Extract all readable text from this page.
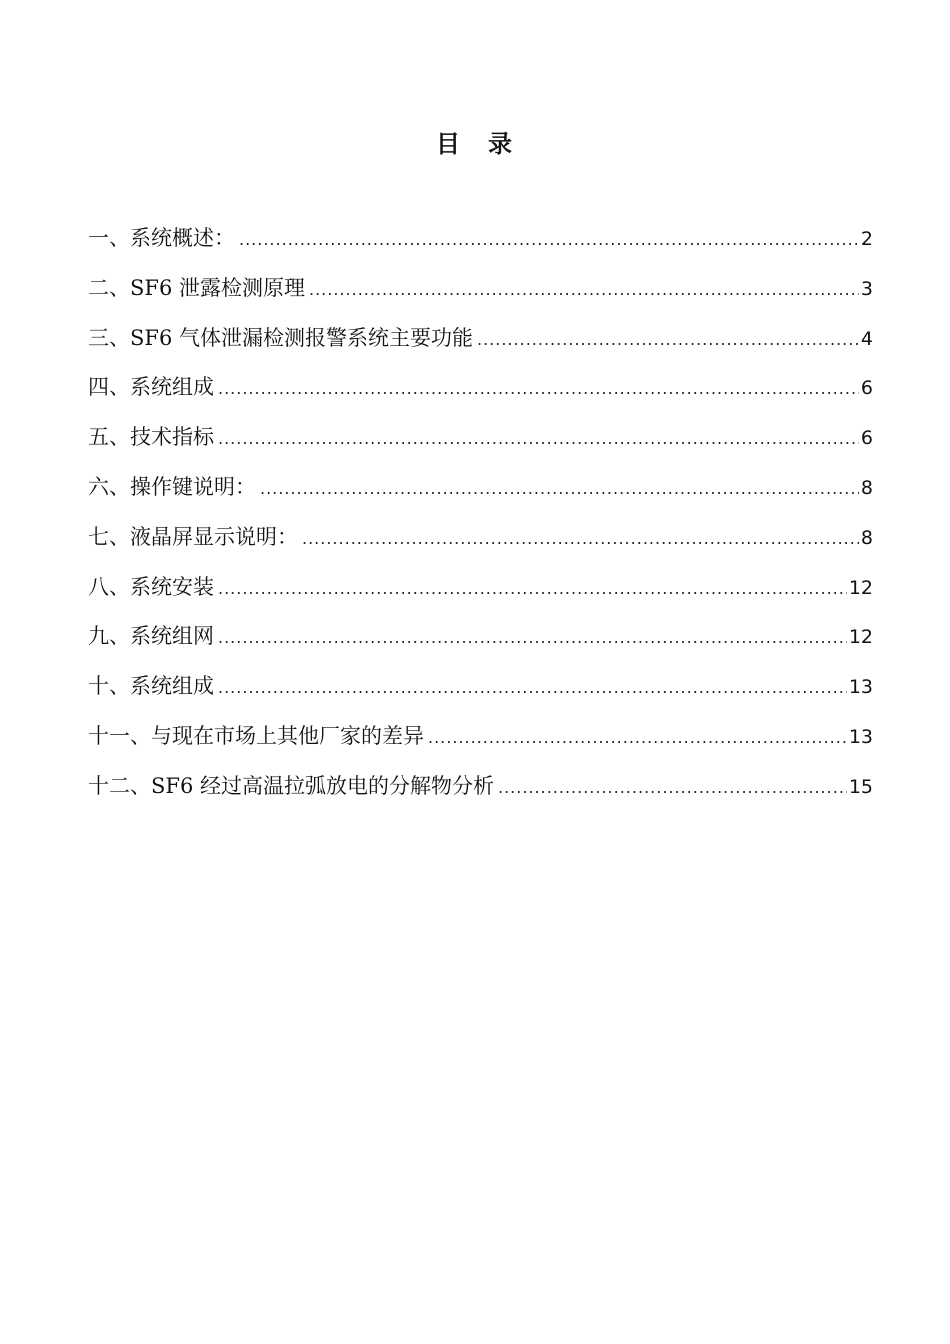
目　录
一、系统概述： .....	2
二、SF6 泄露检测原理 .....	3
三、SF6 气体泄漏检测报警系统主要功能 .....	4
四、系统组成 .....	6
五、技术指标 .....	6
六、操作键说明： .....	8
七、液晶屏显示说明： .....	8
八、系统安装 .....	12
九、系统组网 .....	12
十、系统组成 .....	13
十一、与现在市场上其他厂家的差异 .....	13
十二、SF6 经过高温拉弧放电的分解物分析 .....	15
